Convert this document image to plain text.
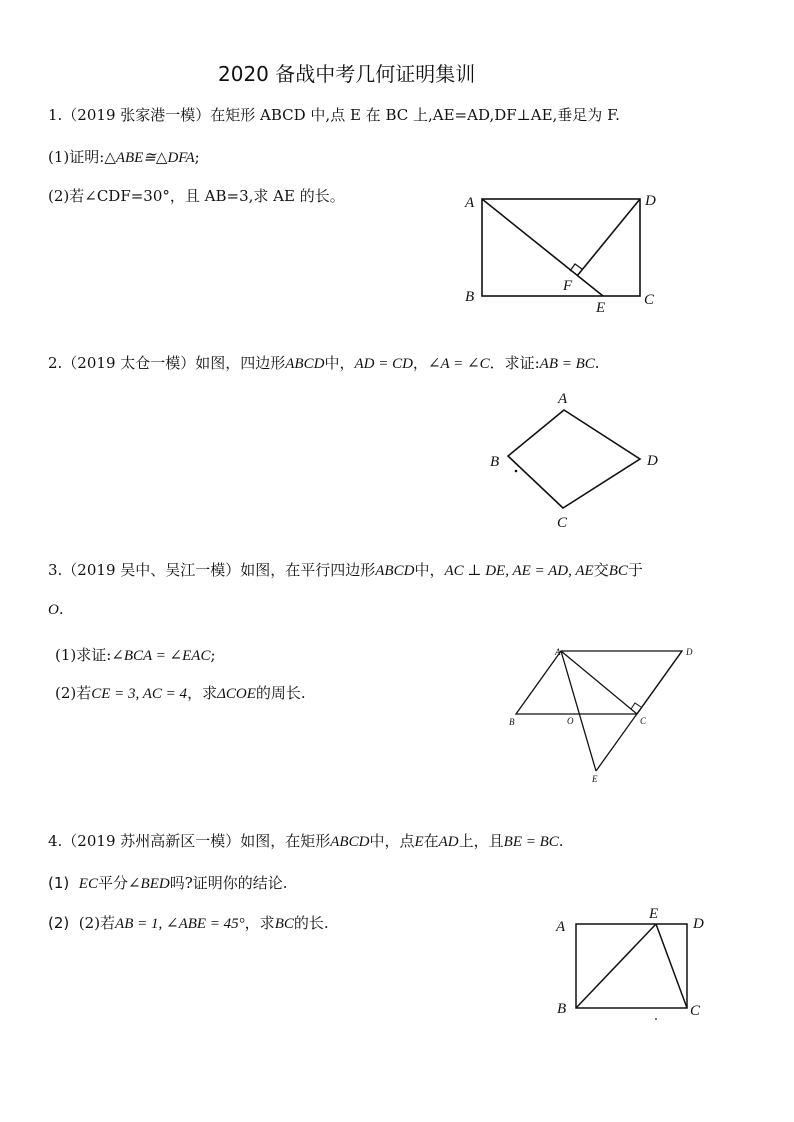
2020 备战中考几何证明集训
1.（2019 张家港一模）在矩形 ABCD 中,点 E 在 BC 上,AE=AD,DF⊥AE,垂足为 F.
(1)证明:△ABE≅△DFA;
(2)若∠CDF=30°，且 AB=3,求 AE 的长。	A	D
B	C
F
E
2.（2019 太仓一模）如图，四边形ABCD中，AD = CD，∠A = ∠C．求证:AB = BC.
A
B	D
C
3.（2019 吴中、吴江一模）如图，在平行四边形ABCD中，AC ⊥ DE, AE = AD, AE交BC于
O.
(1)求证:∠BCA = ∠EAC;
(2)若CE = 3, AC = 4，求ΔCOE的周长.
A	D
B	O	C
E
4.（2019 苏州高新区一模）如图，在矩形ABCD中，点E在AD上，且BE = BC.
(1) EC平分∠BED吗?证明你的结论.
(2) (2)若AB = 1, ∠ABE = 45°，求BC的长.	A
E
D
B	C
